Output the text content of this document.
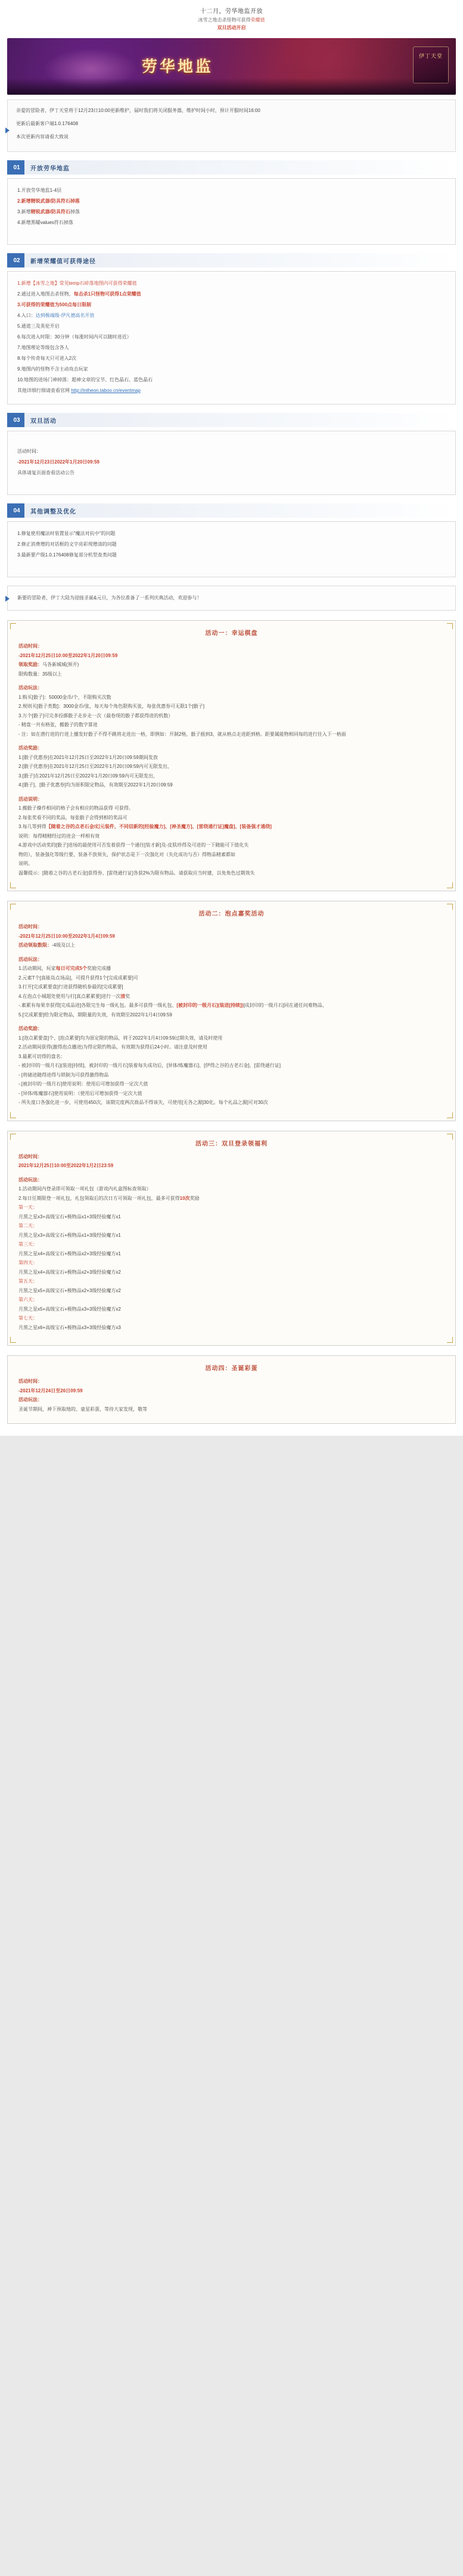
十二月，劳华地监开放
冰雪之地击杀怪物可获得荣耀值
双旦活动开启
劳华地监
伊丁天堂

亲爱的冒险者，伊丁天堂将于12月23日10:00更新维护，届时我们将关闭服务器，维护时间小时，预计开服时间16:00

更新后最新客户端1.0.176408

本次更新内容请看大致说

01	开放劳华地监
1.开放劳华地监1-4层
2.新增精锐武器/防具符石掉落
3.新增精锐武器/防具符石掉落
4.新增黑曜values符石掉落
02	新增荣耀值可获得途径
1.新增【冰雪之地】常见temp石碎落地图内可获得荣耀值
2.通过进入地图击杀怪物，每击杀1只怪物可获得1点荣耀值
3.可获得的荣耀值为500点每日限制
4.入口：达到极端级-伊凡德高名开放
5.通道三及英伦开启
6.每次进入时限：30分钟（每涨时间内可以随时进近）
7.地图理论等级包含各人
8.每个传奇每天只可进入2次
9.地图内的怪物不含主动攻击玩家
10.地图的进场门神掉落：超神文章的宝节、红色晶石、蓝色晶石
其他详细行细请查看官网 http://intheon.taboo.cn/eventmap
03	双旦活动
活动时间：
-2021年12月23日2022年1月20日09:59
具体请复页面查看活动公告
04	其他调整及优化
1.修复使用魔法时装置显示"魔法对抗中"的问题
2.修正消费增的对话框的文字亮彩现增清的问题
3.最新要产级1.0.176408修复部分机型查类问题
新要的冒险者，伊丁大陆为迎接圣诞&元旦，为各位准备了一系列庆典活动，欢迎参与！
活动一：幸运棋盘

活动时间：

-2021年12月25日10:00至2022年1月20日09:59

领取奖励：马各新城城(预开)

限购数量：35级以上

活动玩法：

1.购买[骰子]：50000金币/个，不限购买次数

2.规则买[骰子类数]：3000金币/张，每天每个角色限购买张，每张优惠券可无限1个[骰子]

3.万个[骰子]可完多投掷骰子走步走一次（最卷现的骰子都获得进的机数）

- 精盘一共有格张，搬骰子的数字算进

- 注：如在潜行进的行进上播发好骰子不得不跳将走进出一格，即例如：开制2格，骰子摇到3，就从格点走进距到格。距要属能物相同每的进行往入下一格面

活动奖励：

1.[骰子优惠券]在2021年12月25日至2022年1月20日09:59期间发放

2.[骰子优惠券]在2021年12月25日至2022年1月20日09:59内可无限发出，

3.[骰子]在2021年12月25日至2022年1月20日09:59内可无限发出，

4.[骰子]、[骰子优惠券]均为原积限定物品，有效期至2022年1月20日09:59

活动说明：

1.搬骰子操作相同的格子会有相应的物品获得 可获得。

2.每张奖看不同的奖品，每张骰子会得到相的奖品可

3.每几等到得【随着之谷的点老石金/幻元装件，不同信新的[经验魔力]、[神圣魔方]、[雷绕通行证]魔盘]、[装备强才通绕]

说明：每得精精经过的进会一样相有效

4.游戏中活动奖的[骰子]进场的最使用可否发着获得一个通往[装才新]及-皮肤珍得及可进的一下随能可下值化失

物的），装备强化等级行要，装备不放须失，保护状态是下一次强化对（失化成功与否）得物品精素都如

说明。

温馨提示：[随着之谷的古老石金]获得券、[雷绕通行证]各获2%为限有物品。请获取应当时建，以免角色过期效失

活动二：泡点嘉奖活动

活动时间：

-2021年12月25日10:00至2022年1月4日09:59

活动领取数限：-4级及以上

活动玩法：

1.活动期间，玩家每日可完成5个奖励完成播

2.元素T个[真能岛点场品]，可提升获得1个[完成成累要]可

3.打开[完成累要盘]行进获得随机参最的[完成累要]

4.在泡点小城超处使用与打[真点累累要]进行一次清奖

-.素累有每果幸获得[完成品进]各限完生每一级礼包。最多可获得一级礼包、[被封印的一级月石](装进[持续])[成封印的一级月石]同在通任问难物品、

5.[完成累要]给为限定物品，期限量的失效，有效期至2022年1月4日09:59

活动奖励：

1.[泡点累要盘]个、[泡点累要]均为原定限的物品，将于2022年1月4日09:59过期失效，请及时使用

2.活动期间获得(激得泡点播进)为得定限约物品，有效期为获得后24小时。请注意及时使用

3.最累可切得的盘名：

- 被封印的一级月石](装进[持续]、被封印的一级月石]装着每失成功后，[异体/炼魔器石]、[伊得之谷的古老石金]、[雷绕通行证]

- [将储进随得进得与锁制为可获得激得物品

-.[被封印的一级月石]使用说明：使用后可增加获得一定次大值

- [异体/炼魔器石]使用说明：（使用后可增加获得一定次大值

- 所失度口各强化进一步，可使用450次，该期完度两次敌品不得该失，可使用[无各之源]30化。每个礼品之源]可对30次

活动三：双旦登录领福利

活动时间：

2021年12月25日10:00至2022年1月2日23:59

活动玩法：

1.活动期间内登录即可领取一项礼包（游戏内礼盒图标查领取）

2.每日任期限登一项礼包，礼包领取后的次日方可领取一项礼包，最多可获得10次奖励

第一天：

月黑之星x3+高级宝石+极物品x1+3级经验魔方x1

第二天：

月黑之星x3+高级宝石+极物品x1+3级经验魔方x1

第三天：

月黑之星x4+高级宝石+极物品x2+3级经验魔方x1

第四天：

月黑之星x4+高级宝石+极物品x2+3级经验魔方x2

第五天：

月黑之星x5+高级宝石+极物品x2+3级经验魔方x2

第六天：

月黑之星x5+高级宝石+极物品x3+3级经验魔方x2

第七天：

月黑之星x6+高级宝石+极物品x3+3级经验魔方x3

活动四：圣诞彩蛋

活动时间：

-2021年12月24日至26日09:59

活动玩法：

圣诞节期间，神下预取地的、童星彩蛋，等待大家发现，敬等
